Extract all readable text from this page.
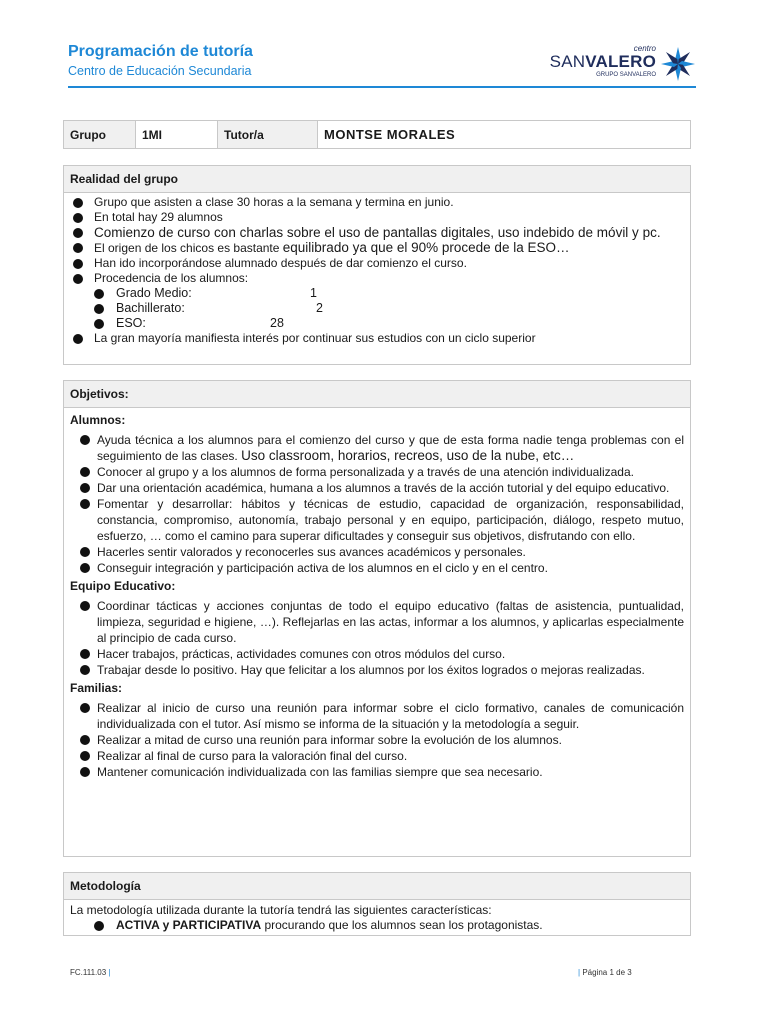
Programación de tutoría
Centro de Educación Secundaria
centro
SANVALERO
GRUPO SANVALERO
Grupo	1MI	Tutor/a	MONTSE MORALES
Realidad del grupo
Grupo que asisten a clase 30 horas a la semana y termina en junio.
En total hay 29 alumnos
Comienzo de curso con charlas sobre el uso de pantallas digitales, uso indebido de móvil y pc.
El origen de los chicos es bastante equilibrado ya que el 90% procede de la ESO…
Han ido incorporándose alumnado después de dar comienzo el curso.
Procedencia de los alumnos:
Grado Medio:	1
Bachillerato:	2
ESO:	28
La gran mayoría manifiesta interés por continuar sus estudios con un ciclo superior
Objetivos:
Alumnos:
Ayuda técnica a los alumnos para el comienzo del curso y que de esta forma nadie tenga problemas con el seguimiento de las clases. Uso classroom, horarios, recreos, uso de la nube, etc…
Conocer al grupo y a los alumnos de forma personalizada y a través de una atención individualizada.
Dar una orientación académica, humana a los alumnos a través de la acción tutorial y del equipo educativo.
Fomentar y desarrollar: hábitos y técnicas de estudio, capacidad de organización, responsabilidad, constancia, compromiso, autonomía, trabajo personal y en equipo, participación, diálogo, respeto mutuo, esfuerzo, … como el camino para superar dificultades y conseguir sus objetivos, disfrutando con ello.
Hacerles sentir valorados y reconocerles sus avances académicos y personales.
Conseguir integración y participación activa de los alumnos en el ciclo y en el centro.
Equipo Educativo:
Coordinar tácticas y acciones conjuntas de todo el equipo educativo (faltas de asistencia, puntualidad, limpieza, seguridad e higiene, …). Reflejarlas en las actas, informar a los alumnos, y aplicarlas especialmente al principio de cada curso.
Hacer trabajos, prácticas, actividades comunes con otros módulos del curso.
Trabajar desde lo positivo. Hay que felicitar a los alumnos por los éxitos logrados o mejoras realizadas.
Familias:
Realizar al inicio de curso una reunión para informar sobre el ciclo formativo, canales de comunicación individualizada con el tutor. Así mismo se informa de la situación y la metodología a seguir.
Realizar a mitad de curso una reunión para informar sobre la evolución de los alumnos.
Realizar al final de curso para la valoración final del curso.
Mantener comunicación individualizada con las familias siempre que sea necesario.
Metodología
La metodología utilizada durante la tutoría tendrá las siguientes características:
ACTIVA y PARTICIPATIVA procurando que los alumnos sean los protagonistas.
FC.111.03 |	| Página 1 de 3
